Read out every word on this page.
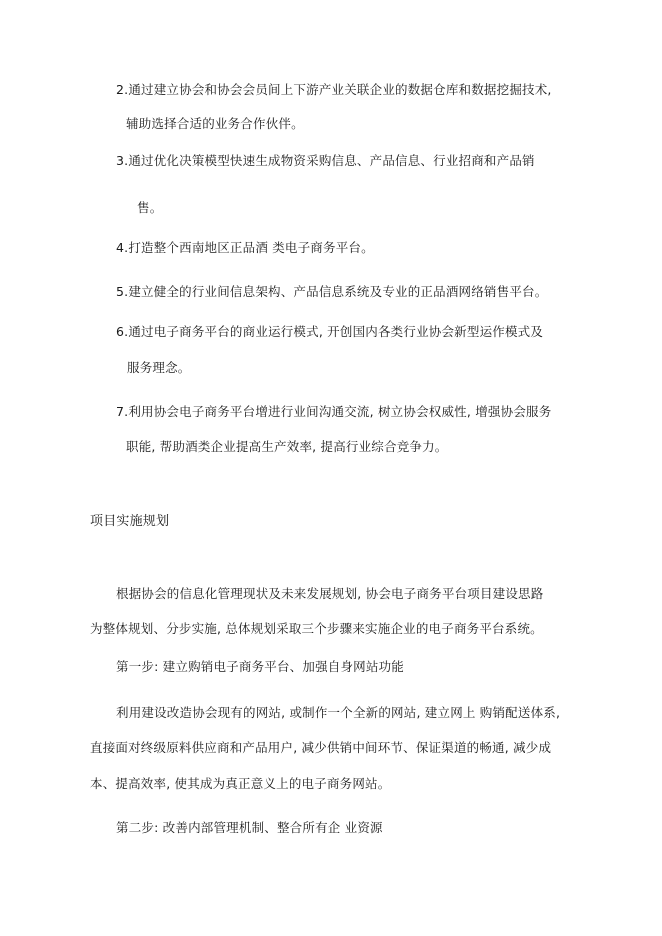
2.通过建立协会和协会会员间上下游产业关联企业的数据仓库和数据挖掘技术,
辅助选择合适的业务合作伙伴。
3.通过优化决策模型快速生成物资采购信息、产品信息、行业招商和产品销
售。
4.打造整个西南地区正品酒 类电子商务平台。
5.建立健全的行业间信息架构、产品信息系统及专业的正品酒网络销售平台。
6.通过电子商务平台的商业运行模式, 开创国内各类行业协会新型运作模式及
服务理念。
7.利用协会电子商务平台增进行业间沟通交流, 树立协会权威性, 增强协会服务
职能, 帮助酒类企业提高生产效率, 提高行业综合竞争力。
项目实施规划
根据协会的信息化管理现状及未来发展规划, 协会电子商务平台项目建设思路
为整体规划、分步实施, 总体规划采取三个步骤来实施企业的电子商务平台系统。
第一步: 建立购销电子商务平台、加强自身网站功能
利用建设改造协会现有的网站, 或制作一个全新的网站, 建立网上 购销配送体系,
直接面对终级原料供应商和产品用户, 减少供销中间环节、保证渠道的畅通, 减少成
本、提高效率, 使其成为真正意义上的电子商务网站。
第二步: 改善内部管理机制、整合所有企 业资源
